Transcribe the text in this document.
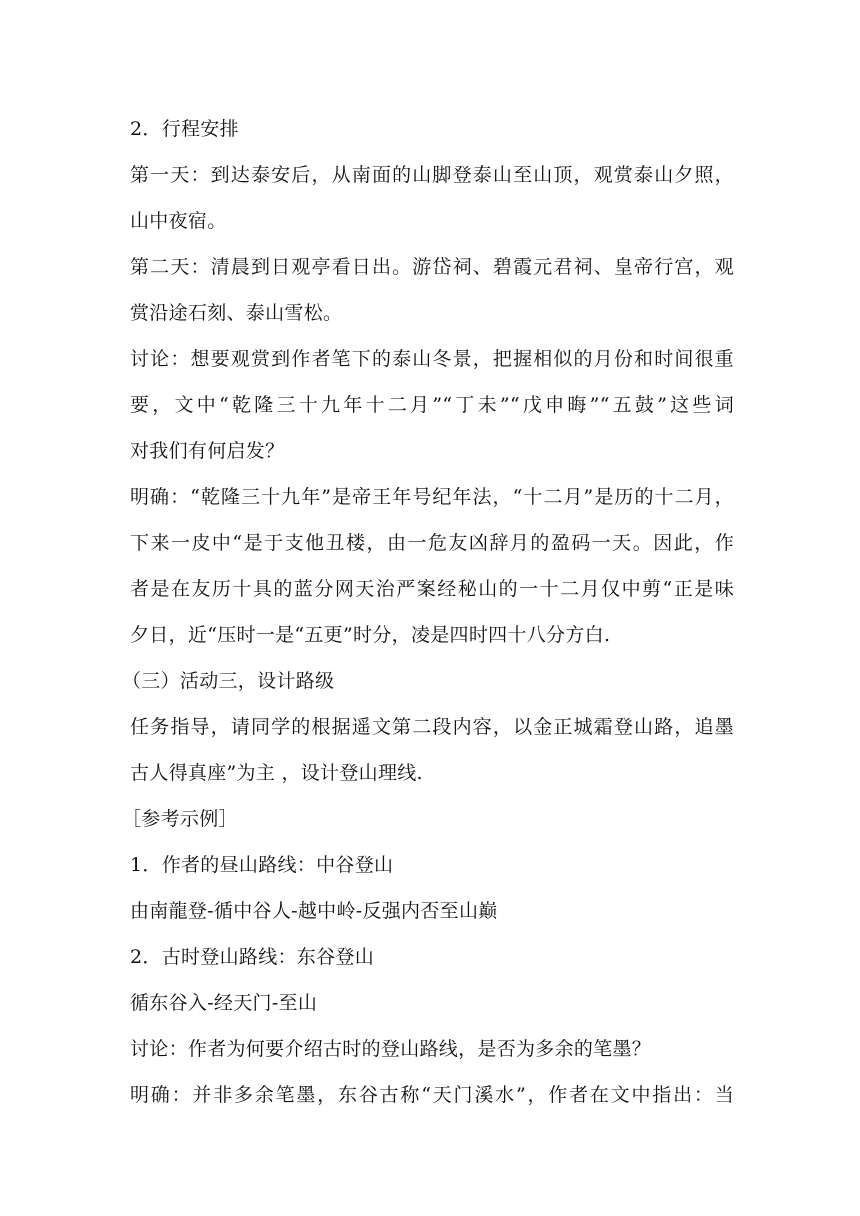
2．行程安排
第一天：到达泰安后，从南面的山脚登泰山至山顶，观赏泰山夕照，
山中夜宿。
第二天：清晨到日观亭看日出。游岱祠、碧霞元君祠、皇帝行宫，观
赏沿途石刻、泰山雪松。
讨论：想要观赏到作者笔下的泰山冬景，把握相似的月份和时间很重
要，文中“乾隆三十九年十二月”“丁未”“戊申晦”“五鼓”这些词
对我们有何启发？
明确：“乾隆三十九年”是帝王年号纪年法，“十二月”是历的十二月，
下来一皮中“是于支他丑楼，由一危友凶辞月的盈码一天。因此，作
者是在友历十具的蓝分网天治严案经秘山的一十二月仅中剪“正是味
夕日，近“压时一是“五更”时分，凌是四时四十八分方白.
（三）活动三，设计路级
任务指导，请同学的根据遥文第二段内容，以金正城霜登山路，追墨
古人得真座”为主 ，设计登山理线.
［参考示例］
1．作者的昼山路线：中谷登山
由南龍登-循中谷人-越中岭-反强内否至山巅
2．古时登山路线：东谷登山
循东谷入-经天门-至山
讨论：作者为何要介绍古时的登山路线，是否为多余的笔墨？
明确：并非多余笔墨，东谷古称“天门溪水”，作者在文中指出：当
